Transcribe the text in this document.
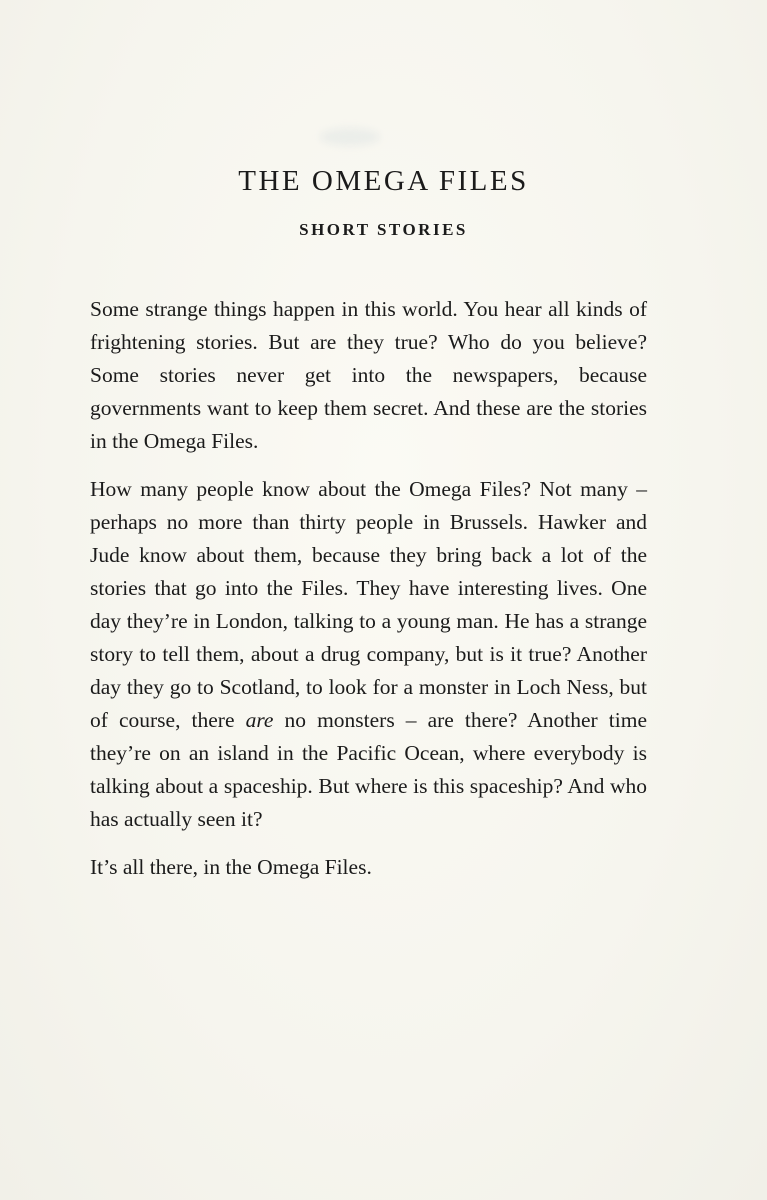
THE OMEGA FILES
SHORT STORIES

Some strange things happen in this world. You hear all kinds of frightening stories. But are they true? Who do you believe? Some stories never get into the newspapers, because governments want to keep them secret. And these are the stories in the Omega Files.

How many people know about the Omega Files? Not many – perhaps no more than thirty people in Brussels. Hawker and Jude know about them, because they bring back a lot of the stories that go into the Files. They have interesting lives. One day they’re in London, talking to a young man. He has a strange story to tell them, about a drug company, but is it true? Another day they go to Scotland, to look for a monster in Loch Ness, but of course, there are no monsters – are there? Another time they’re on an island in the Pacific Ocean, where everybody is talking about a spaceship. But where is this spaceship? And who has actually seen it?

It’s all there, in the Omega Files.
